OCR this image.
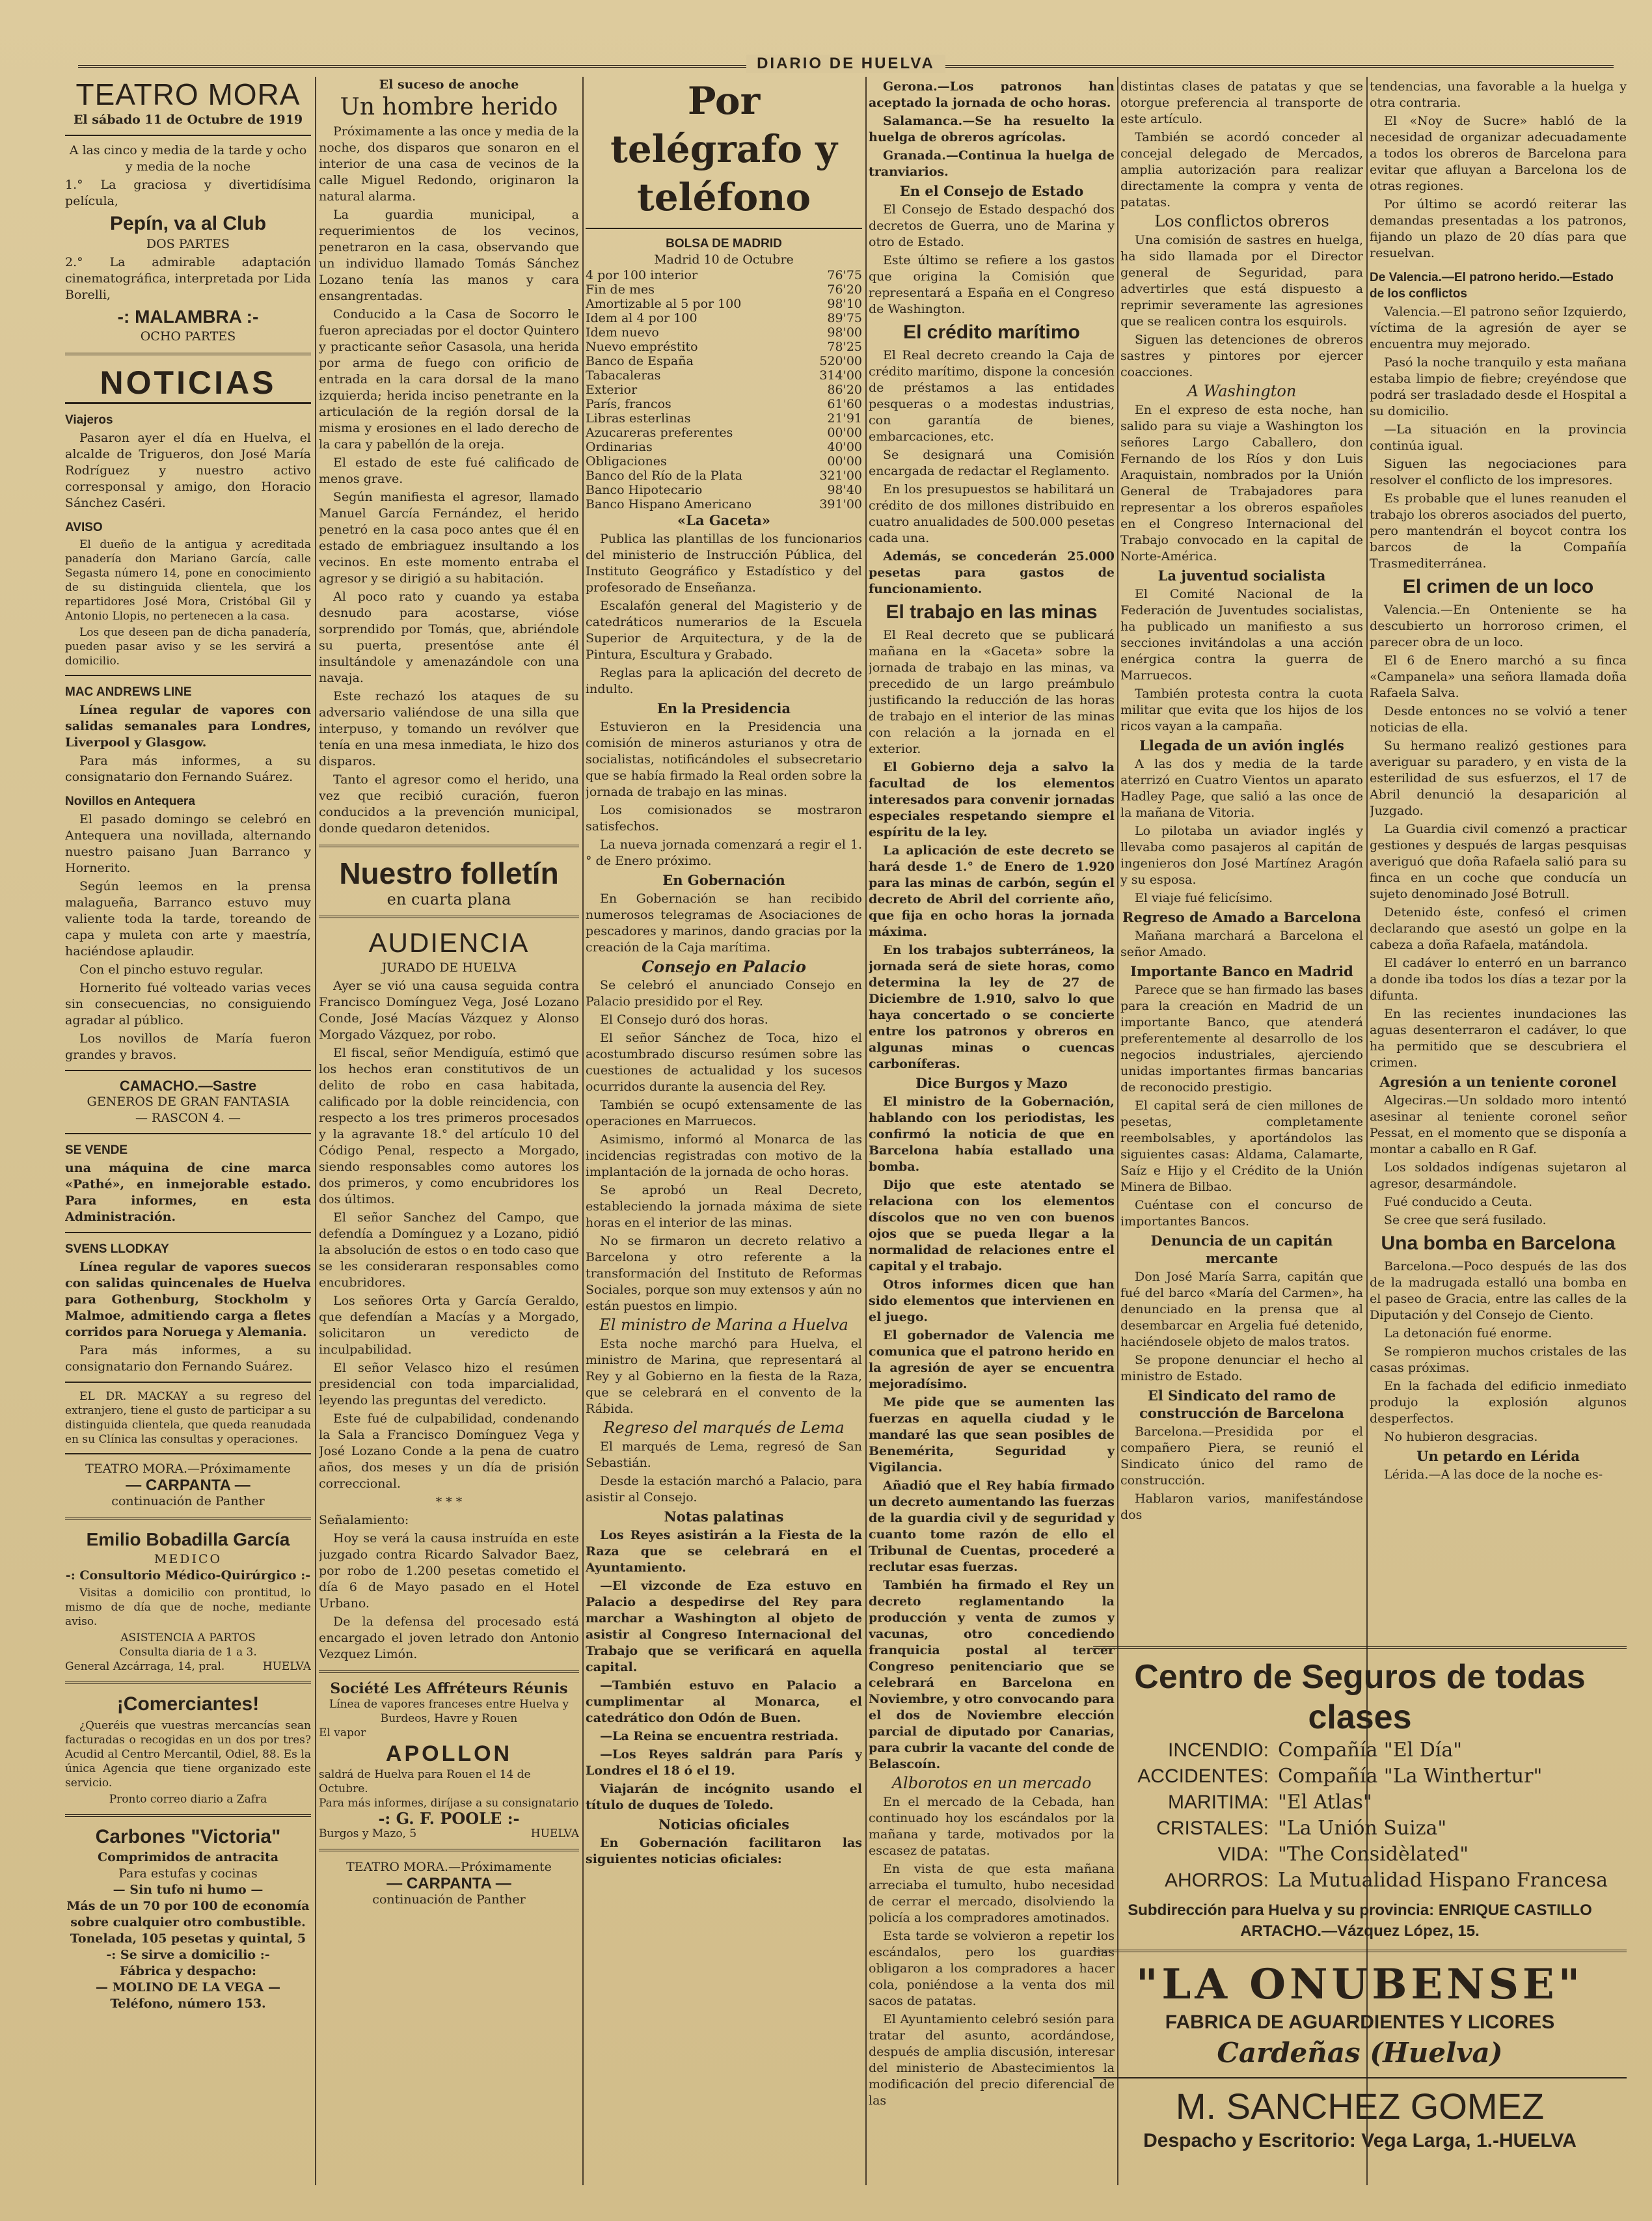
DIARIO DE HUELVA
TEATRO MORA
El sábado 11 de Octubre de 1919

A las cinco y media de la tarde y ocho y media de la noche

1.° La graciosa y divertidísima película,

Pepín, va al Club
DOS PARTES

2.° La admirable adaptación cinematográfica, interpretada por Lida Borelli,

-: MALAMBRA :-
OCHO PARTES
NOTICIAS
Viajeros

Pasaron ayer el día en Huelva, el alcalde de Trigueros, don José María Rodríguez y nuestro activo corresponsal y amigo, don Horacio Sánchez Caséri.

AVISO

El dueño de la antigua y acreditada panadería don Mariano García, calle Segasta número 14, pone en conocimiento de su distinguida clientela, que los repartidores José Mora, Cristóbal Gil y Antonio Llopis, no pertenecen a la casa.

Los que deseen pan de dicha panadería, pueden pasar aviso y se les servirá a domicilio.

MAC ANDREWS LINE

Línea regular de vapores con salidas semanales para Londres, Liverpool y Glasgow.

Para más informes, a su consignatario don Fernando Suárez.

Novillos en Antequera

El pasado domingo se celebró en Antequera una novillada, alternando nuestro paisano Juan Barranco y Hornerito.

Según leemos en la prensa malagueña, Barranco estuvo muy valiente toda la tarde, toreando de capa y muleta con arte y maestría, haciéndose aplaudir.

Con el pincho estuvo regular.

Hornerito fué volteado varias veces sin consecuencias, no consiguiendo agradar al público.

Los novillos de María fueron grandes y bravos.

CAMACHO.—Sastre
GENEROS DE GRAN FANTASIA
— RASCON 4. —
SE VENDE

una máquina de cine marca «Pathé», en inmejorable estado. Para informes, en esta Administración.

SVENS LLODKAY

Línea regular de vapores suecos con salidas quincenales de Huelva para Gothenburg, Stockholm y Malmoe, admitiendo carga a fletes corridos para Noruega y Alemania.

Para más informes, a su consignatario don Fernando Suárez.

EL DR. MACKAY a su regreso del extranjero, tiene el gusto de participar a su distinguida clientela, que queda reanudada en su Clínica las consultas y operaciones.

TEATRO MORA.—Próximamente
— CARPANTA —
continuación de Panther
Emilio Bobadilla García
MEDICO
-: Consultorio Médico-Quirúrgico :-

Visitas a domicilio con prontitud, lo mismo de día que de noche, mediante aviso.

ASISTENCIA A PARTOS
Consulta diaria de 1 a 3.
General Azcárraga, 14, pral.	HUELVA
¡Comerciantes!

¿Queréis que vuestras mercancías sean facturadas o recogidas en un dos por tres? Acudid al Centro Mercantil, Odiel, 88. Es la única Agencia que tiene organizado este servicio.

Pronto correo diario a Zafra
Carbones "Victoria"
Comprimidos de antracita
Para estufas y cocinas
— Sin tufo ni humo —
Más de un 70 por 100 de economía sobre cualquier otro combustible.
Tonelada, 105 pesetas y quintal, 5
-: Se sirve a domicilio :-
Fábrica y despacho:
— MOLINO DE LA VEGA —
Teléfono, número 153.
El suceso de anoche
Un hombre herido

Próximamente a las once y media de la noche, dos disparos que sonaron en el interior de una casa de vecinos de la calle Miguel Redondo, originaron la natural alarma.

La guardia municipal, a requerimientos de los vecinos, penetraron en la casa, observando que un individuo llamado Tomás Sánchez Lozano tenía las manos y cara ensangrentadas.

Conducido a la Casa de Socorro le fueron apreciadas por el doctor Quintero y practicante señor Casasola, una herida por arma de fuego con orificio de entrada en la cara dorsal de la mano izquierda; herida inciso penetrante en la articulación de la región dorsal de la misma y erosiones en el lado derecho de la cara y pabellón de la oreja.

El estado de este fué calificado de menos grave.

Según manifiesta el agresor, llamado Manuel García Fernández, el herido penetró en la casa poco antes que él en estado de embriaguez insultando a los vecinos. En este momento entraba el agresor y se dirigió a su habitación.

Al poco rato y cuando ya estaba desnudo para acostarse, vióse sorprendido por Tomás, que, abriéndole su puerta, presentóse ante él insultándole y amenazándole con una navaja.

Este rechazó los ataques de su adversario valiéndose de una silla que interpuso, y tomando un revólver que tenía en una mesa inmediata, le hizo dos disparos.

Tanto el agresor como el herido, una vez que recibió curación, fueron conducidos a la prevención municipal, donde quedaron detenidos.

Nuestro folletín
en cuarta plana
AUDIENCIA
JURADO DE HUELVA

Ayer se vió una causa seguida contra Francisco Domínguez Vega, José Lozano Conde, José Macías Vázquez y Alonso Morgado Vázquez, por robo.

El fiscal, señor Mendiguía, estimó que los hechos eran constitutivos de un delito de robo en casa habitada, calificado por la doble reincidencia, con respecto a los tres primeros procesados y la agravante 18.° del artículo 10 del Código Penal, respecto a Morgado, siendo responsables como autores los dos primeros, y como encubridores los dos últimos.

El señor Sanchez del Campo, que defendía a Domínguez y a Lozano, pidió la absolución de estos o en todo caso que se les consideraran responsables como encubridores.

Los señores Orta y García Geraldo, que defendían a Macías y a Morgado, solicitaron un veredicto de inculpabilidad.

El señor Velasco hizo el resúmen presidencial con toda imparcialidad, leyendo las preguntas del veredicto.

Este fué de culpabilidad, condenando la Sala a Francisco Domínguez Vega y José Lozano Conde a la pena de cuatro años, dos meses y un día de prisión correccional.

* * *

Señalamiento:

Hoy se verá la causa instruída en este juzgado contra Ricardo Salvador Baez, por robo de 1.200 pesetas cometido el día 6 de Mayo pasado en el Hotel Urbano.

De la defensa del procesado está encargado el joven letrado don Antonio Vezquez Limón.

Société Les Affréteurs Réunis
Línea de vapores franceses entre Huelva y Burdeos, Havre y Rouen
El vapor
APOLLON
saldrá de Huelva para Rouen el 14 de Octubre.
Para más informes, diríjase a su consignatario
-: G. F. POOLE :-
Burgos y Mazo, 5	HUELVA
TEATRO MORA.—Próximamente
— CARPANTA —
continuación de Panther
Por telégrafo y teléfono
BOLSA DE MADRID
Madrid 10 de Octubre
4 por 100 interior	76'75
Fin de mes	76'20
Amortizable al 5 por 100	98'10
Idem al 4 por 100	89'75
Idem nuevo	98'00
Nuevo empréstito	78'25
Banco de España	520'00
Tabacaleras	314'00
Exterior	86'20
París, francos	61'60
Libras esterlinas	21'91
Azucareras preferentes	00'00
Ordinarias	40'00
Obligaciones	00'00
Banco del Río de la Plata	321'00
Banco Hipotecario	98'40
Banco Hispano Americano	391'00
«La Gaceta»

Publica las plantillas de los funcionarios del ministerio de Instrucción Pública, del Instituto Geográfico y Estadístico y del profesorado de Enseñanza.

Escalafón general del Magisterio y de catedráticos numerarios de la Escuela Superior de Arquitectura, y de la de Pintura, Escultura y Grabado.

Reglas para la aplicación del decreto de indulto.

En la Presidencia

Estuvieron en la Presidencia una comisión de mineros asturianos y otra de socialistas, notificándoles el subsecretario que se había firmado la Real orden sobre la jornada de trabajo en las minas.

Los comisionados se mostraron satisfechos.

La nueva jornada comenzará a regir el 1.° de Enero próximo.

En Gobernación

En Gobernación se han recibido numerosos telegramas de Asociaciones de pescadores y marinos, dando gracias por la creación de la Caja marítima.

Consejo en Palacio

Se celebró el anunciado Consejo en Palacio presidido por el Rey.

El Consejo duró dos horas.

El señor Sánchez de Toca, hizo el acostumbrado discurso resúmen sobre las cuestiones de actualidad y los sucesos ocurridos durante la ausencia del Rey.

También se ocupó extensamente de las operaciones en Marruecos.

Asimismo, informó al Monarca de las incidencias registradas con motivo de la implantación de la jornada de ocho horas.

Se aprobó un Real Decreto, estableciendo la jornada máxima de siete horas en el interior de las minas.

No se firmaron un decreto relativo a Barcelona y otro referente a la transformación del Instituto de Reformas Sociales, porque son muy extensos y aún no están puestos en limpio.

El ministro de Marina a Huelva

Esta noche marchó para Huelva, el ministro de Marina, que representará al Rey y al Gobierno en la fiesta de la Raza, que se celebrará en el convento de la Rábida.

Regreso del marqués de Lema

El marqués de Lema, regresó de San Sebastián.

Desde la estación marchó a Palacio, para asistir al Consejo.

Notas palatinas

Los Reyes asistirán a la Fiesta de la Raza que se celebrará en el Ayuntamiento.

—El vizconde de Eza estuvo en Palacio a despedirse del Rey para marchar a Washington al objeto de asistir al Congreso Internacional del Trabajo que se verificará en aquella capital.

—También estuvo en Palacio a cumplimentar al Monarca, el catedrático don Odón de Buen.

—La Reina se encuentra restriada.

—Los Reyes saldrán para París y Londres el 18 ó el 19.

Viajarán de incógnito usando el título de duques de Toledo.

Noticias oficiales

En Gobernación facilitaron las siguientes noticias oficiales:

Gerona.—Los patronos han aceptado la jornada de ocho horas.

Salamanca.—Se ha resuelto la huelga de obreros agrícolas.

Granada.—Continua la huelga de tranviarios.

En el Consejo de Estado

El Consejo de Estado despachó dos decretos de Guerra, uno de Marina y otro de Estado.

Este último se refiere a los gastos que origina la Comisión que representará a España en el Congreso de Washington.

El crédito marítimo

El Real decreto creando la Caja de crédito marítimo, dispone la concesión de préstamos a las entidades pesqueras o a modestas industrias, con garantía de bienes, embarcaciones, etc.

Se designará una Comisión encargada de redactar el Reglamento.

En los presupuestos se habilitará un crédito de dos millones distribuido en cuatro anualidades de 500.000 pesetas cada una.

Además, se concederán 25.000 pesetas para gastos de funcionamiento.

El trabajo en las minas

El Real decreto que se publicará mañana en la «Gaceta» sobre la jornada de trabajo en las minas, va precedido de un largo preámbulo justificando la reducción de las horas de trabajo en el interior de las minas con relación a la jornada en el exterior.

El Gobierno deja a salvo la facultad de los elementos interesados para convenir jornadas especiales respetando siempre el espíritu de la ley.

La aplicación de este decreto se hará desde 1.° de Enero de 1.920 para las minas de carbón, según el decreto de Abril del corriente año, que fija en ocho horas la jornada máxima.

En los trabajos subterráneos, la jornada será de siete horas, como determina la ley de 27 de Diciembre de 1.910, salvo lo que haya concertado o se concierte entre los patronos y obreros en algunas minas o cuencas carboníferas.

Dice Burgos y Mazo

El ministro de la Gobernación, hablando con los periodistas, les confirmó la noticia de que en Barcelona había estallado una bomba.

Dijo que este atentado se relaciona con los elementos díscolos que no ven con buenos ojos que se pueda llegar a la normalidad de relaciones entre el capital y el trabajo.

Otros informes dicen que han sido elementos que intervienen en el juego.

El gobernador de Valencia me comunica que el patrono herido en la agresión de ayer se encuentra mejoradísimo.

Me pide que se aumenten las fuerzas en aquella ciudad y le mandaré las que sean posibles de Benemérita, Seguridad y Vigilancia.

Añadió que el Rey había firmado un decreto aumentando las fuerzas de la guardia civil y de seguridad y cuanto tome razón de ello el Tribunal de Cuentas, procederé a reclutar esas fuerzas.

También ha firmado el Rey un decreto reglamentando la producción y venta de zumos y vacunas, otro concediendo franquicia postal al tercer Congreso penitenciario que se celebrará en Barcelona en Noviembre, y otro convocando para el dos de Noviembre elección parcial de diputado por Canarias, para cubrir la vacante del conde de Belascoín.

Alborotos en un mercado

En el mercado de la Cebada, han continuado hoy los escándalos por la mañana y tarde, motivados por la escasez de patatas.

En vista de que esta mañana arreciaba el tumulto, hubo necesidad de cerrar el mercado, disolviendo la policía a los compradores amotinados.

Esta tarde se volvieron a repetir los escándalos, pero los guardias obligaron a los compradores a hacer cola, poniéndose a la venta dos mil sacos de patatas.

El Ayuntamiento celebró sesión para tratar del asunto, acordándose, después de amplia discusión, interesar del ministerio de Abastecimientos la modificación del precio diferencial de las

distintas clases de patatas y que se otorgue preferencia al transporte de este artículo.

También se acordó conceder al concejal delegado de Mercados, amplia autorización para realizar directamente la compra y venta de patatas.

Los conflictos obreros

Una comisión de sastres en huelga, ha sido llamada por el Director general de Seguridad, para advertirles que está dispuesto a reprimir severamente las agresiones que se realicen contra los esquirols.

Siguen las detenciones de obreros sastres y pintores por ejercer coacciones.

A Washington

En el expreso de esta noche, han salido para su viaje a Washington los señores Largo Caballero, don Fernando de los Ríos y don Luis Araquistain, nombrados por la Unión General de Trabajadores para representar a los obreros españoles en el Congreso Internacional del Trabajo convocado en la capital de Norte-América.

La juventud socialista

El Comité Nacional de la Federación de Juventudes socialistas, ha publicado un manifiesto a sus secciones invitándolas a una acción enérgica contra la guerra de Marruecos.

También protesta contra la cuota militar que evita que los hijos de los ricos vayan a la campaña.

Llegada de un avión inglés

A las dos y media de la tarde aterrizó en Cuatro Vientos un aparato Hadley Page, que salió a las once de la mañana de Vitoria.

Lo pilotaba un aviador inglés y llevaba como pasajeros al capitán de ingenieros don José Martínez Aragón y su esposa.

El viaje fué felicísimo.

Regreso de Amado a Barcelona

Mañana marchará a Barcelona el señor Amado.

Importante Banco en Madrid

Parece que se han firmado las bases para la creación en Madrid de un importante Banco, que atenderá preferentemente al desarrollo de los negocios industriales, ajerciendo unidas importantes firmas bancarias de reconocido prestigio.

El capital será de cien millones de pesetas, completamente reembolsables, y aportándolos las siguientes casas: Aldama, Calamarte, Saíz e Hijo y el Crédito de la Unión Minera de Bilbao.

Cuéntase con el concurso de importantes Bancos.

Denuncia de un capitán mercante

Don José María Sarra, capitán que fué del barco «María del Carmen», ha denunciado en la prensa que al desembarcar en Argelia fué detenido, haciéndosele objeto de malos tratos.

Se propone denunciar el hecho al ministro de Estado.

El Sindicato del ramo de construcción de Barcelona

Barcelona.—Presidida por el compañero Piera, se reunió el Sindicato único del ramo de construcción.

Hablaron varios, manifestándose dos

tendencias, una favorable a la huelga y otra contraria.

El «Noy de Sucre» habló de la necesidad de organizar adecuadamente a todos los obreros de Barcelona para evitar que afluyan a Barcelona los de otras regiones.

Por último se acordó reiterar las demandas presentadas a los patronos, fijando un plazo de 20 días para que resuelvan.

De Valencia.—El patrono herido.—Estado de los conflictos

Valencia.—El patrono señor Izquierdo, víctima de la agresión de ayer se encuentra muy mejorado.

Pasó la noche tranquilo y esta mañana estaba limpio de fiebre; creyéndose que podrá ser trasladado desde el Hospital a su domicilio.

—La situación en la provincia continúa igual.

Siguen las negociaciones para resolver el conflicto de los impresores.

Es probable que el lunes reanuden el trabajo los obreros asociados del puerto, pero mantendrán el boycot contra los barcos de la Compañía Trasmediterránea.

El crimen de un loco

Valencia.—En Onteniente se ha descubierto un horroroso crimen, el parecer obra de un loco.

El 6 de Enero marchó a su finca «Campanela» una señora llamada doña Rafaela Salva.

Desde entonces no se volvió a tener noticias de ella.

Su hermano realizó gestiones para averiguar su paradero, y en vista de la esterilidad de sus esfuerzos, el 17 de Abril denunció la desaparición al Juzgado.

La Guardia civil comenzó a practicar gestiones y después de largas pesquisas averiguó que doña Rafaela salió para su finca en un coche que conducía un sujeto denominado José Botrull.

Detenido éste, confesó el crimen declarando que asestó un golpe en la cabeza a doña Rafaela, matándola.

El cadáver lo enterró en un barranco a donde iba todos los días a tezar por la difunta.

En las recientes inundaciones las aguas desenterraron el cadáver, lo que ha permitido que se descubriera el crimen.

Agresión a un teniente coronel

Algeciras.—Un soldado moro intentó asesinar al teniente coronel señor Pessat, en el momento que se disponía a montar a caballo en R Gaf.

Los soldados indígenas sujetaron al agresor, desarmándole.

Fué conducido a Ceuta.

Se cree que será fusilado.

Una bomba en Barcelona

Barcelona.—Poco después de las dos de la madrugada estalló una bomba en el paseo de Gracia, entre las calles de la Diputación y del Consejo de Ciento.

La detonación fué enorme.

Se rompieron muchos cristales de las casas próximas.

En la fachada del edificio inmediato produjo la explosión algunos desperfectos.

No hubieron desgracias.

Un petardo en Lérida

Lérida.—A las doce de la noche es-

Centro de Seguros de todas clases
INCENDIO: Compañía "El Día"
ACCIDENTES: Compañía "La Winthertur"
MARITIMA: "El Atlas"
CRISTALES: "La Unión Suiza"
VIDA: "The Considèlated"
AHORROS: La Mutualidad Hispano Francesa
Subdirección para Huelva y su provincia: ENRIQUE CASTILLO ARTACHO.—Vázquez López, 15.
"LA ONUBENSE"
FABRICA DE AGUARDIENTES Y LICORES
Cardeñas (Huelva)
M. SANCHEZ GOMEZ
Despacho y Escritorio: Vega Larga, 1.-HUELVA
